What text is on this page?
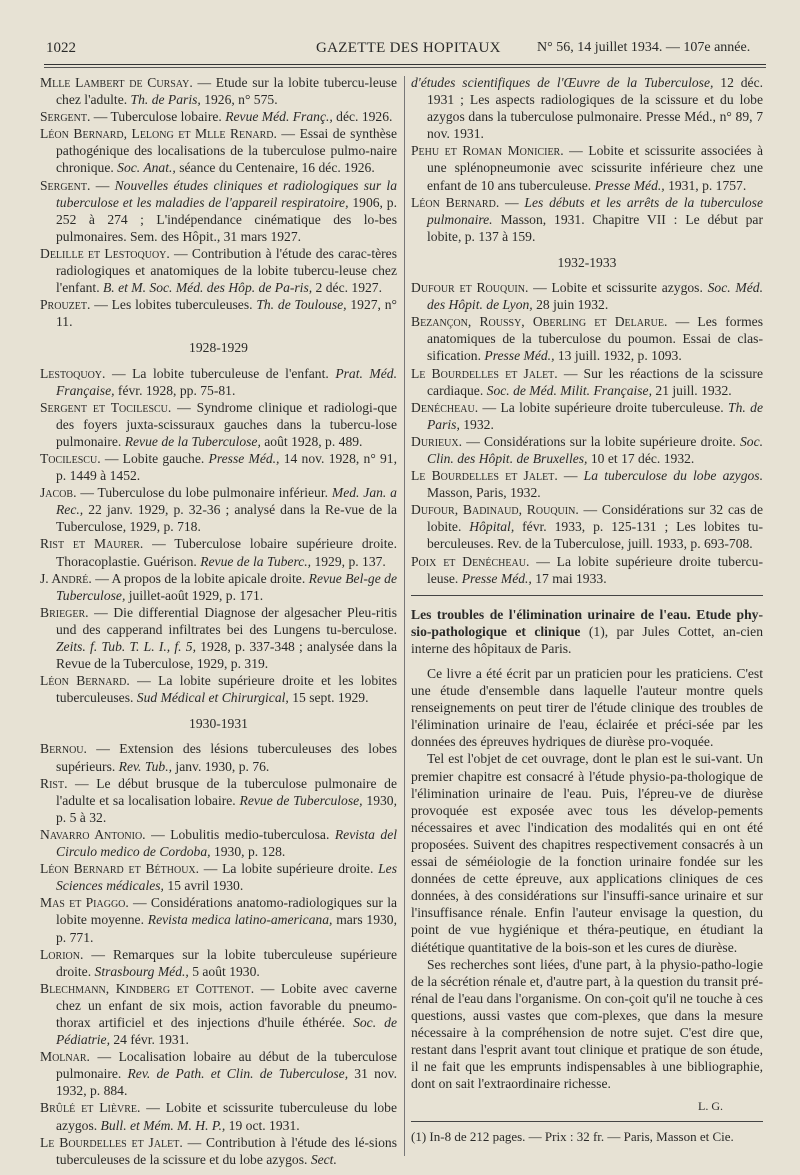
1022	GAZETTE DES HOPITAUX	N° 56, 14 juillet 1934. — 107e année.
Mlle Lambert de Cursay. — Etude sur la lobite tubercu-leuse chez l'adulte. Th. de Paris, 1926, n° 575.
Sergent. — Tuberculose lobaire. Revue Méd. Franç., déc. 1926.
Léon Bernard, Lelong et Mlle Renard. — Essai de synthèse pathogénique des localisations de la tuberculose pulmo-naire chronique. Soc. Anat., séance du Centenaire, 16 déc. 1926.
Sergent. — Nouvelles études cliniques et radiologiques sur la tuberculose et les maladies de l'appareil respiratoire, 1906, p. 252 à 274 ; L'indépendance cinématique des lo-bes pulmonaires. Sem. des Hôpit., 31 mars 1927.
Delille et Lestoquoy. — Contribution à l'étude des carac-tères radiologiques et anatomiques de la lobite tubercu-leuse chez l'enfant. B. et M. Soc. Méd. des Hôp. de Pa-ris, 2 déc. 1927.
Prouzet. — Les lobites tuberculeuses. Th. de Toulouse, 1927, n° 11.
1928-1929
Lestoquoy. — La lobite tuberculeuse de l'enfant. Prat. Méd. Française, févr. 1928, pp. 75-81.
Sergent et Tocilescu. — Syndrome clinique et radiologi-que des foyers juxta-scissuraux gauches dans la tubercu-lose pulmonaire. Revue de la Tuberculose, août 1928, p. 489.
Tocilescu. — Lobite gauche. Presse Méd., 14 nov. 1928, n° 91, p. 1449 à 1452.
Jacob. — Tuberculose du lobe pulmonaire inférieur. Med. Jan. a Rec., 22 janv. 1929, p. 32-36 ; analysé dans la Re-vue de la Tuberculose, 1929, p. 718.
Rist et Maurer. — Tuberculose lobaire supérieure droite. Thoracoplastie. Guérison. Revue de la Tuberc., 1929, p. 137.
J. André. — A propos de la lobite apicale droite. Revue Bel-ge de Tuberculose, juillet-août 1929, p. 171.
Brieger. — Die differential Diagnose der algesacher Pleu-ritis und des capperand infiltrates bei des Lungens tu-berculose. Zeits. f. Tub. T. L. I., f. 5, 1928, p. 337-348 ; analysée dans la Revue de la Tuberculose, 1929, p. 319.
Léon Bernard. — La lobite supérieure droite et les lobites tuberculeuses. Sud Médical et Chirurgical, 15 sept. 1929.
1930-1931
Bernou. — Extension des lésions tuberculeuses des lobes supérieurs. Rev. Tub., janv. 1930, p. 76.
Rist. — Le début brusque de la tuberculose pulmonaire de l'adulte et sa localisation lobaire. Revue de Tuberculose, 1930, p. 5 à 32.
Navarro Antonio. — Lobulitis medio-tuberculosa. Revista del Circulo medico de Cordoba, 1930, p. 128.
Léon Bernard et Béthoux. — La lobite supérieure droite. Les Sciences médicales, 15 avril 1930.
Mas et Piaggo. — Considérations anatomo-radiologiques sur la lobite moyenne. Revista medica latino-americana, mars 1930, p. 771.
Lorion. — Remarques sur la lobite tuberculeuse supérieure droite. Strasbourg Méd., 5 août 1930.
Blechmann, Kindberg et Cottenot. — Lobite avec caverne chez un enfant de six mois, action favorable du pneumo-thorax artificiel et des injections d'huile éthérée. Soc. de Pédiatrie, 24 févr. 1931.
Molnar. — Localisation lobaire au début de la tuberculose pulmonaire. Rev. de Path. et Clin. de Tuberculose, 31 nov. 1932, p. 884.
Brûlé et Lièvre. — Lobite et scissurite tuberculeuse du lobe azygos. Bull. et Mém. M. H. P., 19 oct. 1931.
Le Bourdelles et Jalet. — Contribution à l'étude des lé-sions tuberculeuses de la scissure et du lobe azygos. Sect.
d'études scientifiques de l'Œuvre de la Tuberculose, 12 déc. 1931 ; Les aspects radiologiques de la scissure et du lobe azygos dans la tuberculose pulmonaire. Presse Méd., n° 89, 7 nov. 1931.
Pehu et Roman Monicier. — Lobite et scissurite associées à une splénopneumonie avec scissurite inférieure chez une enfant de 10 ans tuberculeuse. Presse Méd., 1931, p. 1757.
Léon Bernard. — Les débuts et les arrêts de la tuberculose pulmonaire. Masson, 1931. Chapitre VII : Le début par lobite, p. 137 à 159.
1932-1933
Dufour et Rouquin. — Lobite et scissurite azygos. Soc. Méd. des Hôpit. de Lyon, 28 juin 1932.
Bezançon, Roussy, Oberling et Delarue. — Les formes anatomiques de la tuberculose du poumon. Essai de clas-sification. Presse Méd., 13 juill. 1932, p. 1093.
Le Bourdelles et Jalet. — Sur les réactions de la scissure cardiaque. Soc. de Méd. Milit. Française, 21 juill. 1932.
Denécheau. — La lobite supérieure droite tuberculeuse. Th. de Paris, 1932.
Durieux. — Considérations sur la lobite supérieure droite. Soc. Clin. des Hôpit. de Bruxelles, 10 et 17 déc. 1932.
Le Bourdelles et Jalet. — La tuberculose du lobe azygos. Masson, Paris, 1932.
Dufour, Badinaud, Rouquin. — Considérations sur 32 cas de lobite. Hôpital, févr. 1933, p. 125-131 ; Les lobites tu-berculeuses. Rev. de la Tuberculose, juill. 1933, p. 693-708.
Poix et Denécheau. — La lobite supérieure droite tubercu-leuse. Presse Méd., 17 mai 1933.
Les troubles de l'élimination urinaire de l'eau. Etude phy-sio-pathologique et clinique (1), par Jules Cottet, an-cien interne des hôpitaux de Paris.

Ce livre a été écrit par un praticien pour les praticiens. C'est une étude d'ensemble dans laquelle l'auteur montre quels renseignements on peut tirer de l'étude clinique des troubles de l'élimination urinaire de l'eau, éclairée et préci-sée par les données des épreuves hydriques de diurèse pro-voquée.

Tel est l'objet de cet ouvrage, dont le plan est le sui-vant. Un premier chapitre est consacré à l'étude physio-pa-thologique de l'élimination urinaire de l'eau. Puis, l'épreu-ve de diurèse provoquée est exposée avec tous les dévelop-pements nécessaires et avec l'indication des modalités qui en ont été proposées. Suivent des chapitres respectivement consacrés à un essai de séméiologie de la fonction urinaire fondée sur les données de cette épreuve, aux applications cliniques de ces données, à des considérations sur l'insuffi-sance urinaire et sur l'insuffisance rénale. Enfin l'auteur envisage la question, du point de vue hygiénique et théra-peutique, en étudiant la diététique quantitative de la bois-son et les cures de diurèse.

Ses recherches sont liées, d'une part, à la physio-patho-logie de la sécrétion rénale et, d'autre part, à la question du transit pré-rénal de l'eau dans l'organisme. On con-çoit qu'il ne touche à ces questions, aussi vastes que com-plexes, que dans la mesure nécessaire à la compréhension de notre sujet. C'est dire que, restant dans l'esprit avant tout clinique et pratique de son étude, il ne fait que les emprunts indispensables à une bibliographie, dont on sait l'extraordinaire richesse.

L. G.
(1) In-8 de 212 pages. — Prix : 32 fr. — Paris, Masson et Cie.
